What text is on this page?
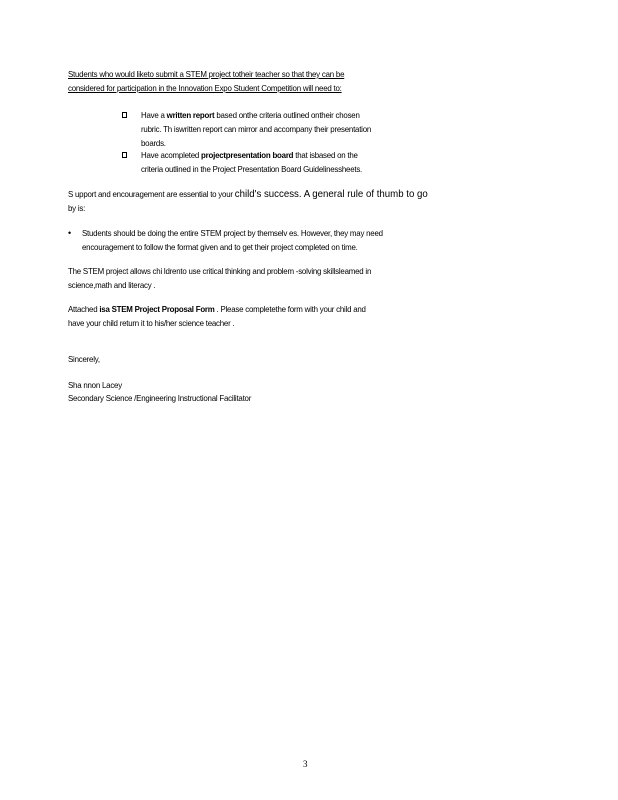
Students who would liketo submit a STEM project totheir teacher so that they can be
considered for participation in the Innovation Expo Student Competition will need to:
Have a written report based onthe criteria outlined ontheir chosen
rubric. Th iswritten report can mirror and accompany their presentation
boards.
Have acompleted projectpresentation board that isbased on the
criteria outlined in the Project Presentation Board Guidelinessheets.
S upport and encouragement are essential to your child's success. A general rule of thumb to go
by is:
• Students should be doing the entire STEM project by themselv es. However, they may need
encouragement to follow the format given and to get their project completed on time.
The STEM project allows chi ldrento use critical thinking and problem -solving skillsleamed in
science,math and literacy .
Attached isa STEM Project Proposal Form . Please completethe form with your child and
have your child return it to his/her science teacher .
Sincerely,
Sha nnon Lacey
Secondary Science /Engineering Instructional Facilitator
3
